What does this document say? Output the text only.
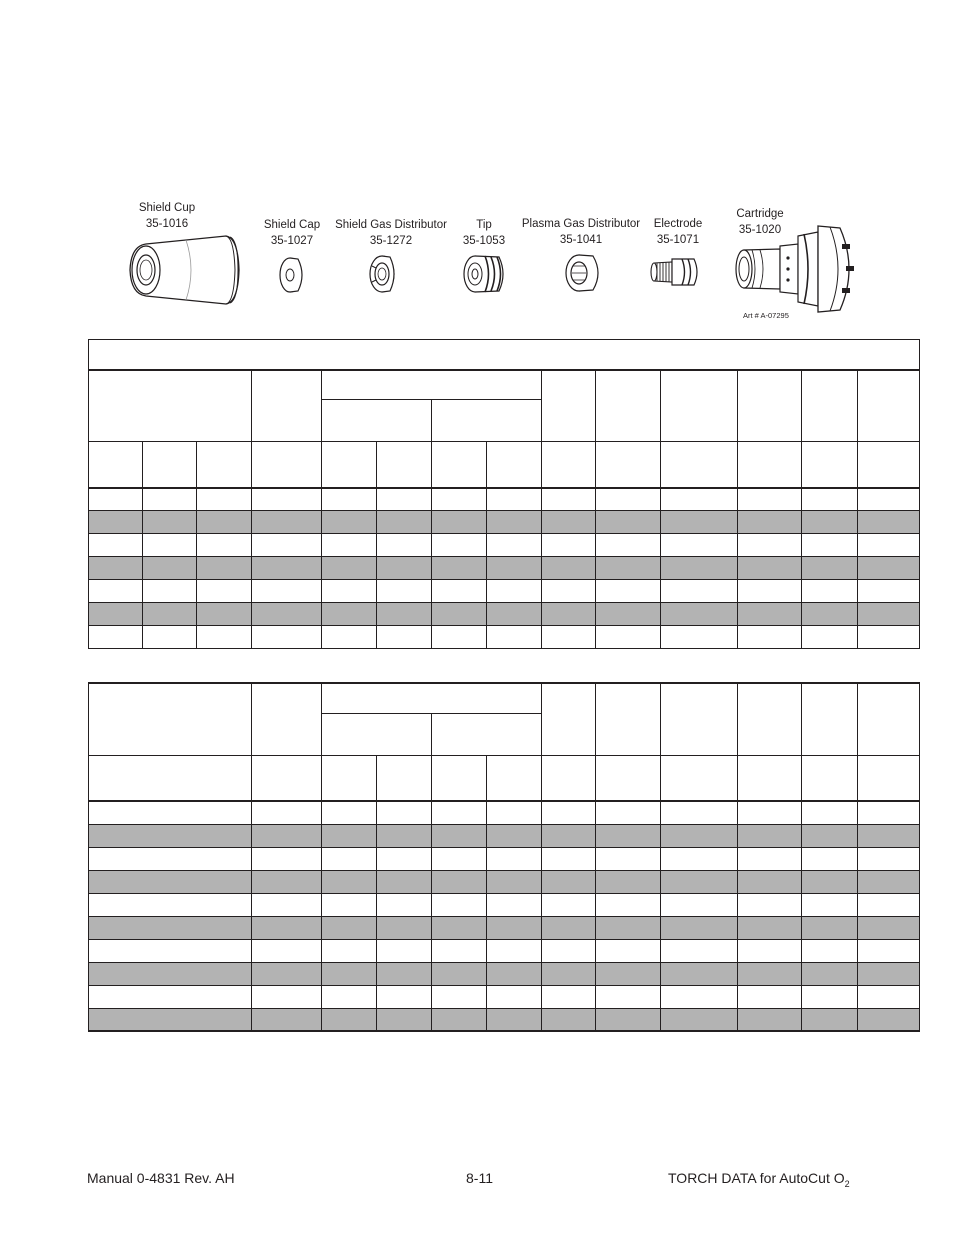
Shield Cup
35-1016	Shield Cap
35-1027
Shield Gas Distributor
35-1272
Tip
35-1053
Plasma Gas Distributor
35-1041
Electrode
35-1071
Cartridge
35-1020
Art # A-07295

Manual 0-4831 Rev. AH	8-11	TORCH DATA for AutoCut $O_2$
